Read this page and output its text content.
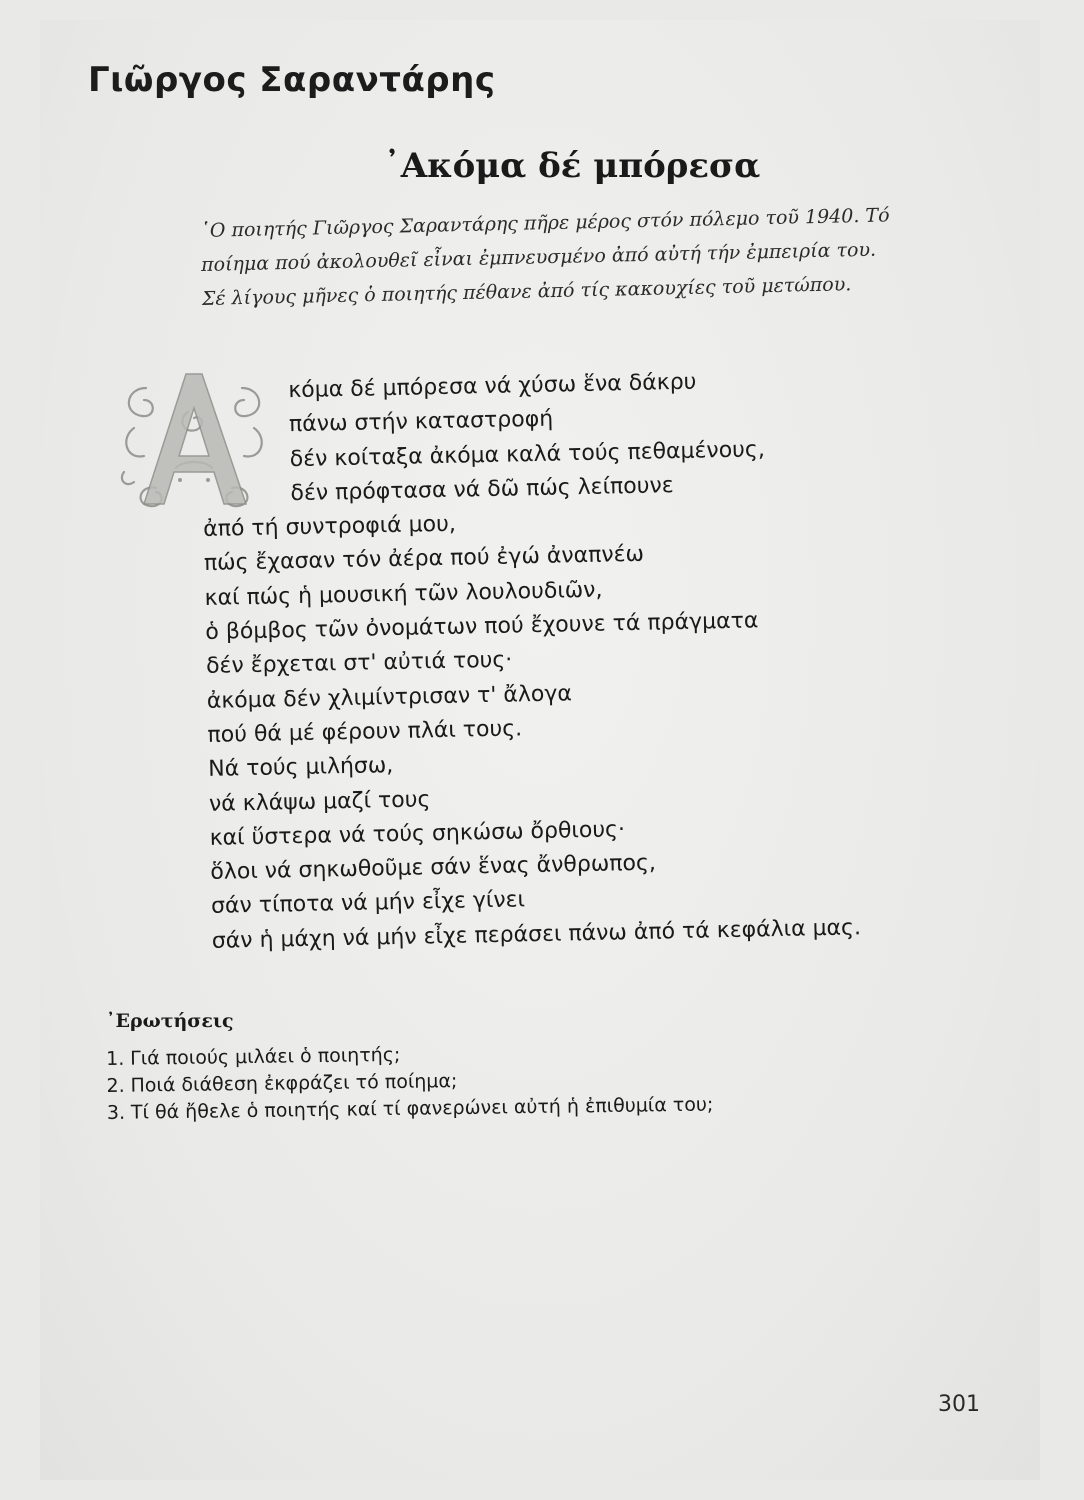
Γιῶργος Σαραντάρης
᾿Ακόμα δέ μπόρεσα
῾Ο ποιητής Γιῶργος Σαραντάρης πῆρε μέρος στόν πόλεμο τοῦ 1940. Τό
ποίημα πού ἀκολουθεῖ εἶναι ἐμπνευσμένο ἀπό αὐτή τήν ἐμπειρία του.
Σέ λίγους μῆνες ὁ ποιητής πέθανε ἀπό τίς κακουχίες τοῦ μετώπου.
Α
κόμα δέ μπόρεσα νά χύσω ἕνα δάκρυ
πάνω στήν καταστροφή
δέν κοίταξα ἀκόμα καλά τούς πεθαμένους,
δέν πρόφτασα νά δῶ πώς λείπουνε
ἀπό τή συντροφιά μου,
πώς ἔχασαν τόν ἀέρα πού ἐγώ ἀναπνέω
καί πώς ἡ μουσική τῶν λουλουδιῶν,
ὁ βόμβος τῶν ὀνομάτων πού ἔχουνε τά πράγματα
δέν ἔρχεται στ' αὐτιά τους·
ἀκόμα δέν χλιμίντρισαν τ' ἄλογα
πού θά μέ φέρουν πλάι τους.
Νά τούς μιλήσω,
νά κλάψω μαζί τους
καί ὕστερα νά τούς σηκώσω ὄρθιους·
ὅλοι νά σηκωθοῦμε σάν ἕνας ἄνθρωπος,
σάν τίποτα νά μήν εἶχε γίνει
σάν ἡ μάχη νά μήν εἶχε περάσει πάνω ἀπό τά κεφάλια μας.
᾿Ερωτήσεις
1. Γιά ποιούς μιλάει ὁ ποιητής;
2. Ποιά διάθεση ἐκφράζει τό ποίημα;
3. Τί θά ἤθελε ὁ ποιητής καί τί φανερώνει αὐτή ἡ ἐπιθυμία του;
301
